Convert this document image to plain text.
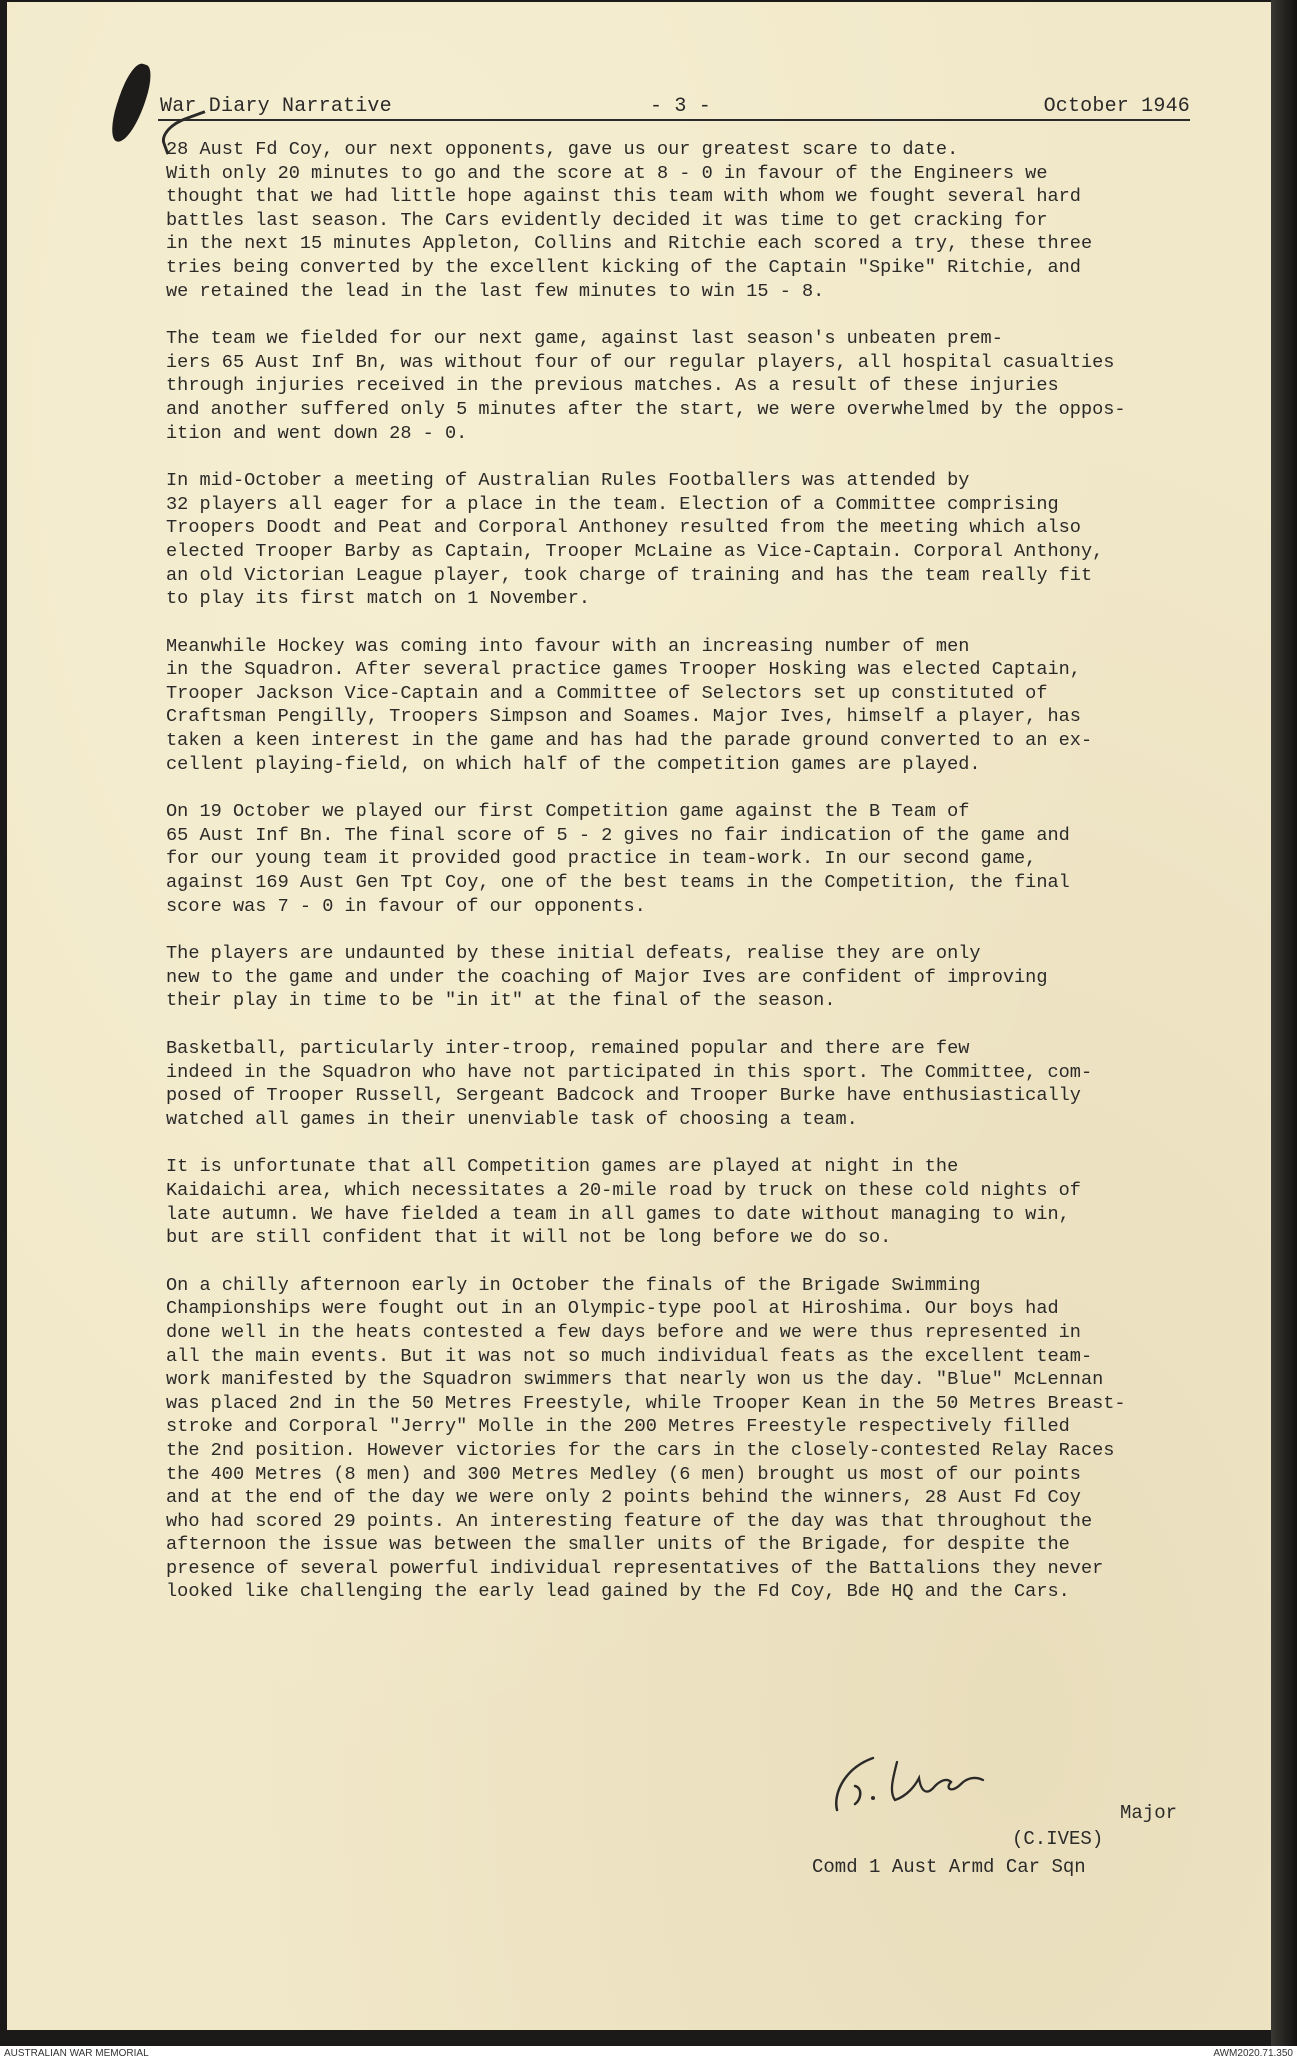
War Diary Narrative	- 3 -	October 1946

28 Aust Fd Coy, our next opponents, gave us our greatest scare to date.
With only 20 minutes to go and the score at 8 - 0 in favour of the Engineers we
thought that we had little hope against this team with whom we fought several hard
battles last season. The Cars evidently decided it was time to get cracking for
in the next 15 minutes Appleton, Collins and Ritchie each scored a try, these three
tries being converted by the excellent kicking of the Captain "Spike" Ritchie, and
we retained the lead in the last few minutes to win 15 - 8.

The team we fielded for our next game, against last season's unbeaten prem-
iers 65 Aust Inf Bn, was without four of our regular players, all hospital casualties
through injuries received in the previous matches. As a result of these injuries
and another suffered only 5 minutes after the start, we were overwhelmed by the oppos-
ition and went down 28 - 0.

In mid-October a meeting of Australian Rules Footballers was attended by
32 players all eager for a place in the team. Election of a Committee comprising
Troopers Doodt and Peat and Corporal Anthoney resulted from the meeting which also
elected Trooper Barby as Captain, Trooper McLaine as Vice-Captain. Corporal Anthony,
an old Victorian League player, took charge of training and has the team really fit
to play its first match on 1 November.

Meanwhile Hockey was coming into favour with an increasing number of men
in the Squadron. After several practice games Trooper Hosking was elected Captain,
Trooper Jackson Vice-Captain and a Committee of Selectors set up constituted of
Craftsman Pengilly, Troopers Simpson and Soames. Major Ives, himself a player, has
taken a keen interest in the game and has had the parade ground converted to an ex-
cellent playing-field, on which half of the competition games are played.

On 19 October we played our first Competition game against the B Team of
65 Aust Inf Bn. The final score of 5 - 2 gives no fair indication of the game and
for our young team it provided good practice in team-work. In our second game,
against 169 Aust Gen Tpt Coy, one of the best teams in the Competition, the final
score was 7 - 0 in favour of our opponents.

The players are undaunted by these initial defeats, realise they are only
new to the game and under the coaching of Major Ives are confident of improving
their play in time to be "in it" at the final of the season.

Basketball, particularly inter-troop, remained popular and there are few
indeed in the Squadron who have not participated in this sport. The Committee, com-
posed of Trooper Russell, Sergeant Badcock and Trooper Burke have enthusiastically
watched all games in their unenviable task of choosing a team.

It is unfortunate that all Competition games are played at night in the
Kaidaichi area, which necessitates a 20-mile road by truck on these cold nights of
late autumn. We have fielded a team in all games to date without managing to win,
but are still confident that it will not be long before we do so.

On a chilly afternoon early in October the finals of the Brigade Swimming
Championships were fought out in an Olympic-type pool at Hiroshima. Our boys had
done well in the heats contested a few days before and we were thus represented in
all the main events. But it was not so much individual feats as the excellent team-
work manifested by the Squadron swimmers that nearly won us the day. "Blue" McLennan
was placed 2nd in the 50 Metres Freestyle, while Trooper Kean in the 50 Metres Breast-
stroke and Corporal "Jerry" Molle in the 200 Metres Freestyle respectively filled
the 2nd position. However victories for the cars in the closely-contested Relay Races
the 400 Metres (8 men) and 300 Metres Medley (6 men) brought us most of our points
and at the end of the day we were only 2 points behind the winners, 28 Aust Fd Coy
who had scored 29 points. An interesting feature of the day was that throughout the
afternoon the issue was between the smaller units of the Brigade, for despite the
presence of several powerful individual representatives of the Battalions they never
looked like challenging the early lead gained by the Fd Coy, Bde HQ and the Cars.

Major
(C.IVES)
Comd 1 Aust Armd Car Sqn
AUSTRALIAN WAR MEMORIAL	AWM2020.71.350
